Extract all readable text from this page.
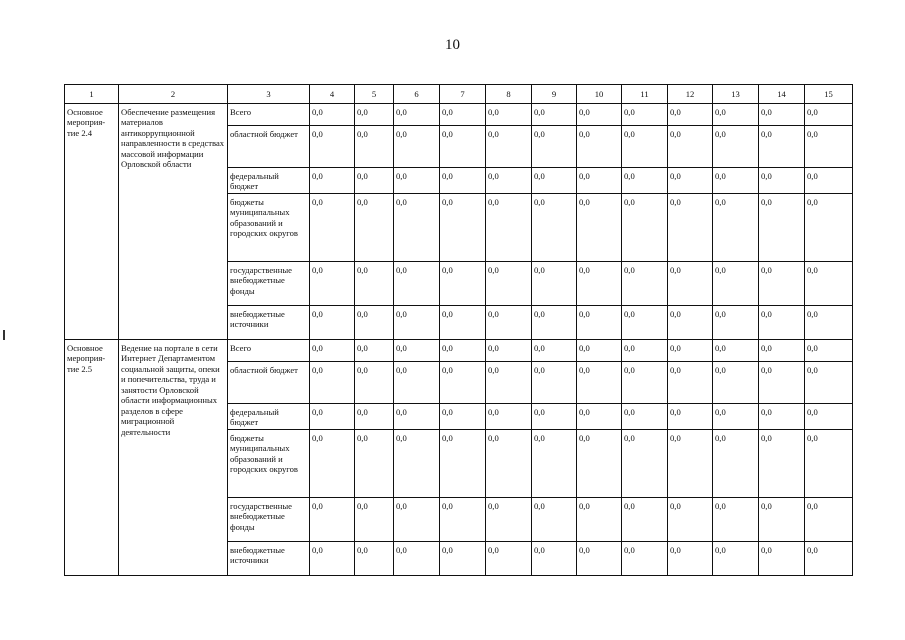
10
1	2	3	4	5	6	7	8	9	10	11	12	13	14	15
Основное мероприя-тие 2.4	Обеспечение размещения материалов антикоррупционной направленности в средствах массовой информации Орловской области	Всего	0,0	0,0	0,0	0,0	0,0	0,0	0,0	0,0	0,0	0,0	0,0	0,0
		областной бюджет	0,0	0,0	0,0	0,0	0,0	0,0	0,0	0,0	0,0	0,0	0,0	0,0
		федеральный бюджет	0,0	0,0	0,0	0,0	0,0	0,0	0,0	0,0	0,0	0,0	0,0	0,0
		бюджеты муниципальных образований и городских округов	0,0	0,0	0,0	0,0	0,0	0,0	0,0	0,0	0,0	0,0	0,0	0,0
		государственные внебюджетные фонды	0,0	0,0	0,0	0,0	0,0	0,0	0,0	0,0	0,0	0,0	0,0	0,0
		внебюджетные источники	0,0	0,0	0,0	0,0	0,0	0,0	0,0	0,0	0,0	0,0	0,0	0,0
Основное мероприя-тие 2.5	Ведение на портале в сети Интернет Департаментом социальной защиты, опеки и попечительства, труда и занятости Орловской области информационных разделов в сфере миграционной деятельности	Всего	0,0	0,0	0,0	0,0	0,0	0,0	0,0	0,0	0,0	0,0	0,0	0,0
		областной бюджет	0,0	0,0	0,0	0,0	0,0	0,0	0,0	0,0	0,0	0,0	0,0	0,0
		федеральный бюджет	0,0	0,0	0,0	0,0	0,0	0,0	0,0	0,0	0,0	0,0	0,0	0,0
		бюджеты муниципальных образований и городских округов	0,0	0,0	0,0	0,0	0,0	0,0	0,0	0,0	0,0	0,0	0,0	0,0
		государственные внебюджетные фонды	0,0	0,0	0,0	0,0	0,0	0,0	0,0	0,0	0,0	0,0	0,0	0,0
		внебюджетные источники	0,0	0,0	0,0	0,0	0,0	0,0	0,0	0,0	0,0	0,0	0,0	0,0
